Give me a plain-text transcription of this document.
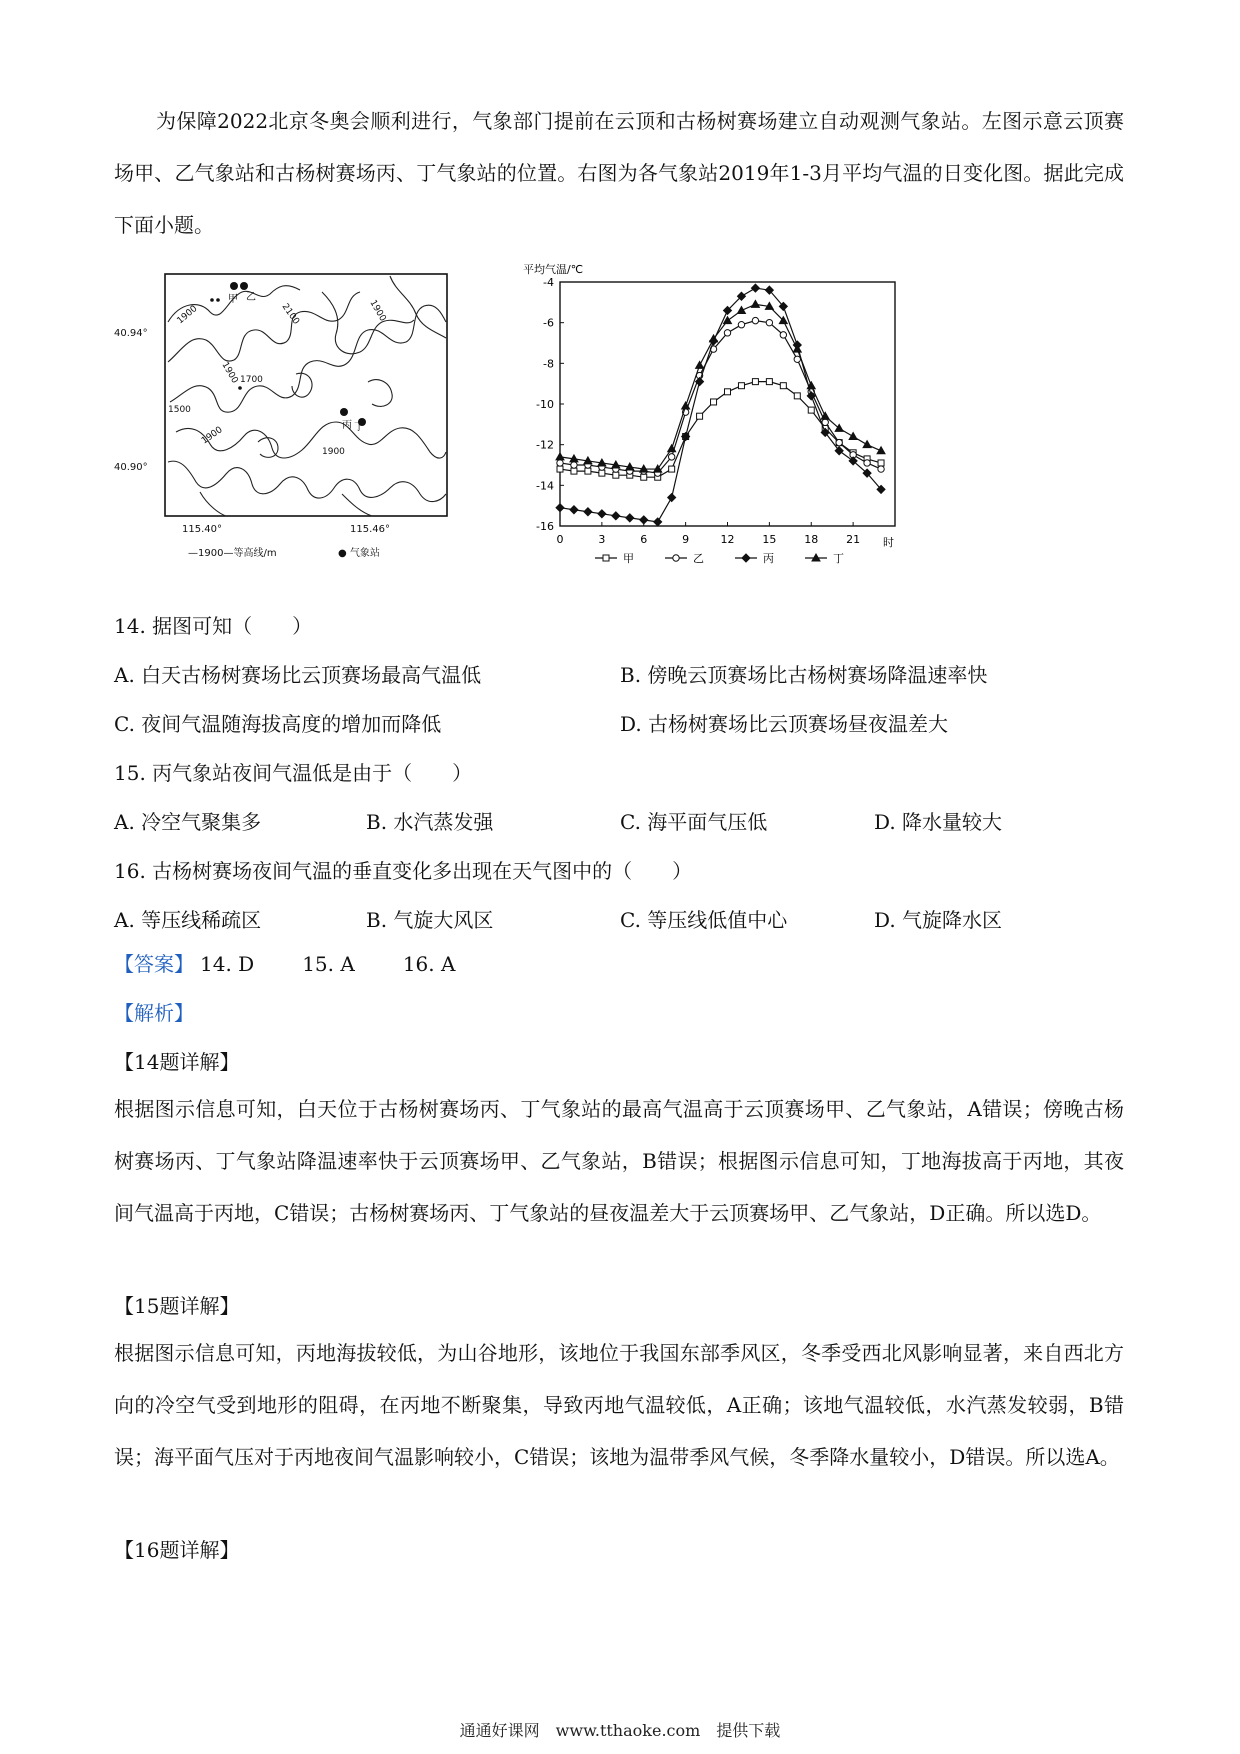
为保障2022北京冬奥会顺利进行，气象部门提前在云顶和古杨树赛场建立自动观测气象站。左图示意云顶赛场甲、乙气象站和古杨树赛场丙、丁气象站的位置。右图为各气象站2019年1-3月平均气温的日变化图。据此完成下面小题。

1900	2100	1900
1900 1700
1500
1900
1900
甲 乙
丙 丁
40.94°
40.90°
115.40°	115.46°
—1900—等高线/m	● 气象站
平均气温/℃
0	3	6	9	12	15	18	21
-16
-14
-12
-10
-8
-6
-4
时
甲	乙	丙	丁

14. 据图可知（　　）

A. 白天古杨树赛场比云顶赛场最高气温低	B. 傍晚云顶赛场比古杨树赛场降温速率快

C. 夜间气温随海拔高度的增加而降低	D. 古杨树赛场比云顶赛场昼夜温差大

15. 丙气象站夜间气温低是由于（　　）

A. 冷空气聚集多	B. 水汽蒸发强	C. 海平面气压低	D. 降水量较大

16. 古杨树赛场夜间气温的垂直变化多出现在天气图中的（　　）

A. 等压线稀疏区	B. 气旋大风区	C. 等压线低值中心	D. 气旋降水区

【答案】 14. D 15. A 16. A

【解析】

【14题详解】

根据图示信息可知，白天位于古杨树赛场丙、丁气象站的最高气温高于云顶赛场甲、乙气象站，A错误；傍晚古杨树赛场丙、丁气象站降温速率快于云顶赛场甲、乙气象站，B错误；根据图示信息可知，丁地海拔高于丙地，其夜间气温高于丙地，C错误；古杨树赛场丙、丁气象站的昼夜温差大于云顶赛场甲、乙气象站，D正确。所以选D。

【15题详解】

根据图示信息可知，丙地海拔较低，为山谷地形，该地位于我国东部季风区，冬季受西北风影响显著，来自西北方向的冷空气受到地形的阻碍，在丙地不断聚集，导致丙地气温较低，A正确；该地气温较低，水汽蒸发较弱，B错误；海平面气压对于丙地夜间气温影响较小，C错误；该地为温带季风气候，冬季降水量较小，D错误。所以选A。

【16题详解】

通通好课网　www.tthaoke.com　提供下载
